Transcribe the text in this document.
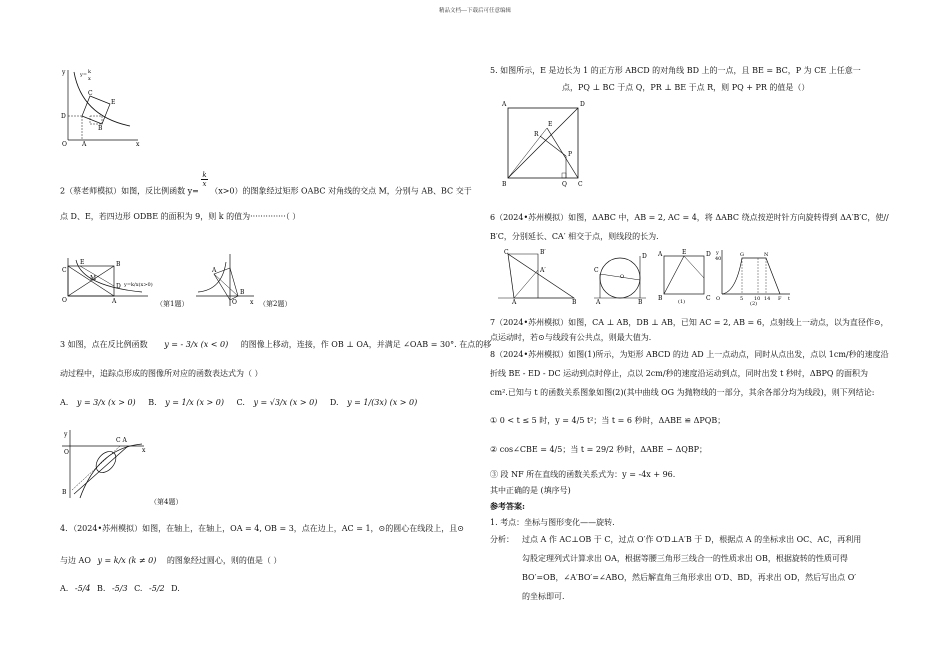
精品文档---下载后可任意编辑
y
x
O	A
D
C
E
B
y= k
x
2（蔡老师模拟）如图，反比例函数 y=
$\frac{k}{x}$
（x>0）的图象经过矩形 OABC 对角线的交点 M，分别与 AB、BC 交于
点 D、E，若四边形 ODBE 的面积为 9，则 k 的值为··············（ ）
C
E
M
B
D
O	A
y=k/x(x>0)
（第1题）
A
O
B
x （第2题）
3 如图，点在反比例函数 y = - 3/x (x < 0) 的图像上移动，连接，作 OB ⊥ OA，并满足 ∠OAB = 30°. 在点的移
动过程中，追踪点形成的图像所对应的函数表达式为（ ）
A. y = 3/x (x > 0) B. y = 1/x (x > 0) C. y = √3/x (x > 0) D. y = 1/(3x) (x > 0)
y
O	x
C A
B
（第4题）
4．（2024•苏州模拟）如图，在轴上，在轴上，OA = 4, OB = 3，点在边上，AC = 1，⊙的圆心在线段上，且⊙
与边 AO y = k/x (k ≠ 0) 的图象经过圆心，则的值是（ ）
A. -5/4 B. -5/3 C. -5/2 D.
5. 如图所示，E 是边长为 1 的正方形 ABCD 的对角线 BD 上的一点，且 BE = BC，P 为 CE 上任意一
点，PQ ⊥ BC 于点 Q，PR ⊥ BE 于点 R，则 PQ + PR 的值是（）
A	D
B	C
E
R
P
Q
6（2024•苏州模拟）如图，ΔABC 中，AB = 2, AC = 4，将 ΔABC 绕点按逆时针方向旋转得到 ΔA′B′C，使//
B′C，分别延长、CA′ 相交于点，则线段的长为．
C	B′
A′
A	B
O
C
D
A	B
A	E	D
B	C
(1)
y
40
G	N
O	5 10 14 F t
(2)
7（2024•苏州模拟）如图，CA ⊥ AB，DB ⊥ AB，已知 AC = 2, AB = 6，点射线上一动点，以为直径作⊙，
点运动时，若⊙与线段有公共点，则最大值为．
8（2024•苏州模拟）如图(1)所示，为矩形 ABCD 的边 AD 上一点动点，同时从点出发，点以 1cm/秒的速度沿
折线 BE - ED - DC 运动到点时停止，点以 2cm/秒的速度沿运动到点，同时出发 t 秒时，ΔBPQ 的面积为
cm².已知与 t 的函数关系图象如图(2)(其中曲线 OG 为抛物线的一部分，其余各部分均为线段)，则下列结论:
① 0 < t ≤ 5 时，y = 4/5 t²；当 t = 6 秒时，ΔABE ≌ ΔPQB；
② cos∠CBE = 4/5；当 t = 29/2 秒时，ΔABE ∽ ΔQBP；
③ 段 NF 所在直线的函数关系式为：y = -4x + 96.
其中正确的是 (填序号)
参考答案:
1. 考点：坐标与图形变化——旋转.
分析： 过点 A 作 AC⊥OB 于 C，过点 O′作 O′D⊥A′B 于 D，根据点 A 的坐标求出 OC、AC，再利用
勾股定理列式计算求出 OA，根据等腰三角形三线合一的性质求出 OB，根据旋转的性质可得
BO′=OB，∠A′BO′=∠ABO，然后解直角三角形求出 O′D、BD，再求出 OD，然后写出点 O′
的坐标即可.
